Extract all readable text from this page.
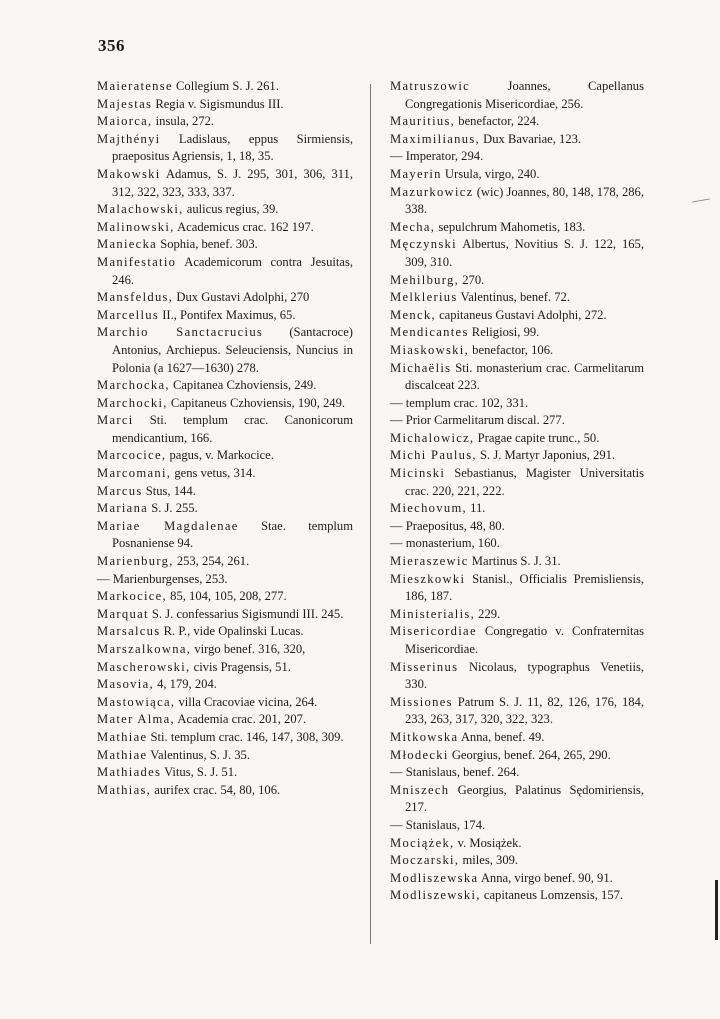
356
Maieratense Collegium S. J. 261.
Majestas Regia v. Sigismundus III.
Maiorca, insula, 272.
Majthényi Ladislaus, eppus Sirmiensis, praepositus Agriensis, 1, 18, 35.
Makowski Adamus, S. J. 295, 301, 306, 311, 312, 322, 323, 333, 337.
Malachowski, aulicus regius, 39.
Malinowski, Academicus crac. 162 197.
Maniecka Sophia, benef. 303.
Manifestatio Academicorum contra Jesuitas, 246.
Mansfeldus, Dux Gustavi Adolphi, 270
Marcellus II., Pontifex Maximus, 65.
Marchio Sanctacrucius (Santacroce) Antonius, Archiepus. Seleuciensis, Nuncius in Polonia (a 1627—1630) 278.
Marchocka, Capitanea Czhoviensis, 249.
Marchocki, Capitaneus Czhoviensis, 190, 249.
Marci Sti. templum crac. Canonicorum mendicantium, 166.
Marcocice, pagus, v. Markocice.
Marcomani, gens vetus, 314.
Marcus Stus, 144.
Mariana S. J. 255.
Mariae Magdalenae Stae. templum Posnaniense 94.
Marienburg, 253, 254, 261.
— Marienburgenses, 253.
Markocice, 85, 104, 105, 208, 277.
Marquat S. J. confessarius Sigismundi III. 245.
Marsalcus R. P., vide Opalinski Lucas.
Marszalkowna, virgo benef. 316, 320,
Mascherowski, civis Pragensis, 51.
Masovia, 4, 179, 204.
Mastowiąca, villa Cracoviae vicina, 264.
Mater Alma, Academia crac. 201, 207.
Mathiae Sti. templum crac. 146, 147, 308, 309.
Mathiae Valentinus, S. J. 35.
Mathiades Vitus, S. J. 51.
Mathias, aurifex crac. 54, 80, 106.
Matruszowic Joannes, Capellanus Congregationis Misericordiae, 256.
Mauritius, benefactor, 224.
Maximilianus, Dux Bavariae, 123.
— Imperator, 294.
Mayerin Ursula, virgo, 240.
Mazurkowicz (wic) Joannes, 80, 148, 178, 286, 338.
Mecha, sepulchrum Mahometis, 183.
Męczynski Albertus, Novitius S. J. 122, 165, 309, 310.
Mehilburg, 270.
Melklerius Valentinus, benef. 72.
Menck, capitaneus Gustavi Adolphi, 272.
Mendicantes Religiosi, 99.
Miaskowski, benefactor, 106.
Michaëlis Sti. monasterium crac. Carmelitarum discalceat 223.
— templum crac. 102, 331.
— Prior Carmelitarum discal. 277.
Michalowicz, Pragae capite trunc., 50.
Michi Paulus, S. J. Martyr Japonius, 291.
Micinski Sebastianus, Magister Universitatis crac. 220, 221, 222.
Miechovum, 11.
— Praepositus, 48, 80.
— monasterium, 160.
Mieraszewic Martinus S. J. 31.
Mieszkowki Stanisl., Officialis Premisliensis, 186, 187.
Ministerialis, 229.
Misericordiae Congregatio v. Confraternitas Misericordiae.
Misserinus Nicolaus, typographus Venetiis, 330.
Missiones Patrum S. J. 11, 82, 126, 176, 184, 233, 263, 317, 320, 322, 323.
Mitkowska Anna, benef. 49.
Młodecki Georgius, benef. 264, 265, 290.
— Stanislaus, benef. 264.
Mniszech Georgius, Palatinus Sędomiriensis, 217.
— Stanislaus, 174.
Mociążek, v. Mosiążek.
Moczarski, miles, 309.
Modliszewska Anna, virgo benef. 90, 91.
Modliszewski, capitaneus Lomzensis, 157.
